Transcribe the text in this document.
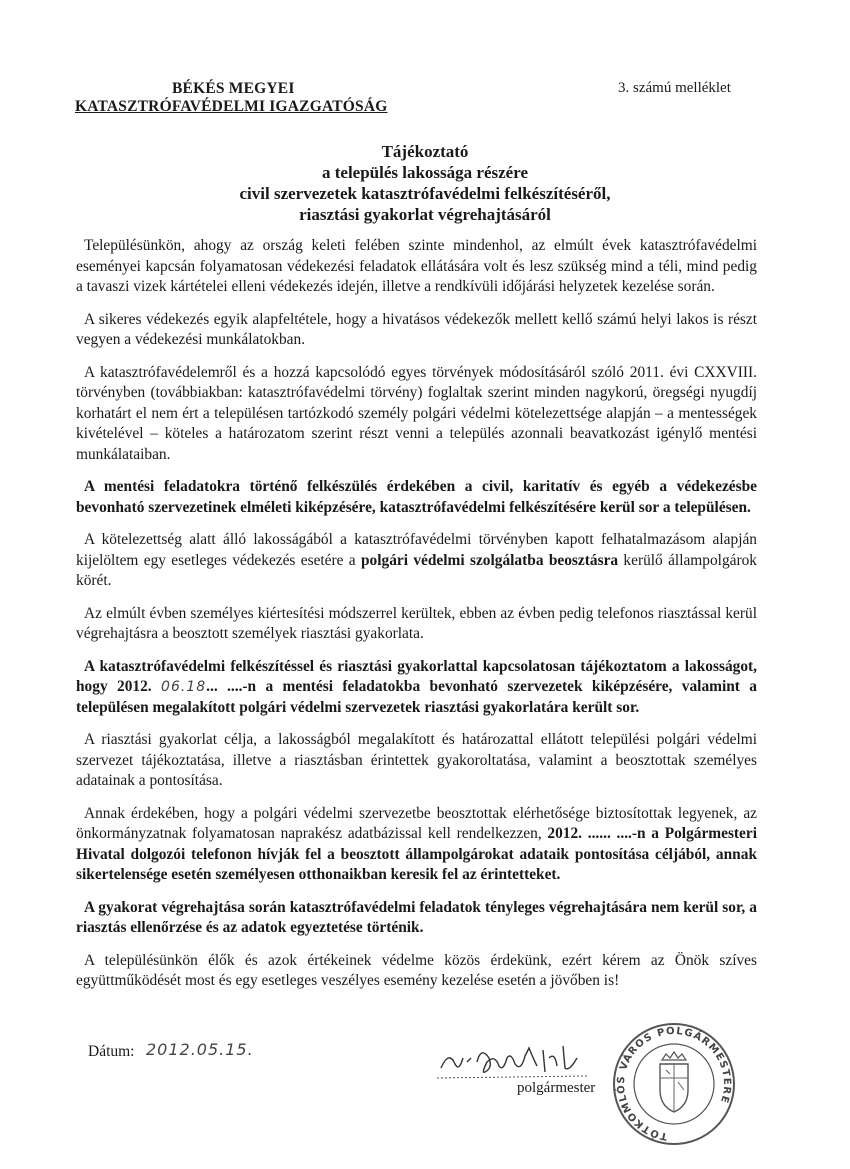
BÉKÉS MEGYEI
KATASZTRÓFAVÉDELMI IGAZGATÓSÁG
3. számú melléklet
Tájékoztató
a település lakossága részére
civil szervezetek katasztrófavédelmi felkészítéséről,
riasztási gyakorlat végrehajtásáról

Településünkön, ahogy az ország keleti felében szinte mindenhol, az elmúlt évek katasztrófavédelmi eseményei kapcsán folyamatosan védekezési feladatok ellátására volt és lesz szükség mind a téli, mind pedig a tavaszi vizek kártételei elleni védekezés idején, illetve a rendkívüli időjárási helyzetek kezelése során.

A sikeres védekezés egyik alapfeltétele, hogy a hivatásos védekezők mellett kellő számú helyi lakos is részt vegyen a védekezési munkálatokban.

A katasztrófavédelemről és a hozzá kapcsolódó egyes törvények módosításáról szóló 2011. évi CXXVIII. törvényben (továbbiakban: katasztrófavédelmi törvény) foglaltak szerint minden nagykorú, öregségi nyugdíj korhatárt el nem ért a településen tartózkodó személy polgári védelmi kötelezettsége alapján – a mentességek kivételével – köteles a határozatom szerint részt venni a település azonnali beavatkozást igénylő mentési munkálataiban.

A mentési feladatokra történő felkészülés érdekében a civil, karitatív és egyéb a védekezésbe bevonható szervezetinek elméleti kiképzésére, katasztrófavédelmi felkészítésére kerül sor a településen.

A kötelezettség alatt álló lakosságából a katasztrófavédelmi törvényben kapott felhatalmazásom alapján kijelöltem egy esetleges védekezés esetére a polgári védelmi szolgálatba beosztásra kerülő állampolgárok körét.

Az elmúlt évben személyes kiértesítési módszerrel kerültek, ebben az évben pedig telefonos riasztással kerül végrehajtásra a beosztott személyek riasztási gyakorlata.

A katasztrófavédelmi felkészítéssel és riasztási gyakorlattal kapcsolatosan tájékoztatom a lakosságot, hogy 2012. 06.18... ....-n a mentési feladatokba bevonható szervezetek kiképzésére, valamint a településen megalakított polgári védelmi szervezetek riasztási gyakorlatára került sor.

A riasztási gyakorlat célja, a lakosságból megalakított és határozattal ellátott települési polgári védelmi szervezet tájékoztatása, illetve a riasztásban érintettek gyakoroltatása, valamint a beosztottak személyes adatainak a pontosítása.

Annak érdekében, hogy a polgári védelmi szervezetbe beosztottak elérhetősége biztosítottak legyenek, az önkormányzatnak folyamatosan naprakész adatbázissal kell rendelkezzen, 2012. ...... ....-n a Polgármesteri Hivatal dolgozói telefonon hívják fel a beosztott állampolgárokat adataik pontosítása céljából, annak sikertelensége esetén személyesen otthonaikban keresik fel az érintetteket.

A gyakorat végrehajtása során katasztrófavédelmi feladatok tényleges végrehajtására nem kerül sor, a riasztás ellenőrzése és az adatok egyeztetése történik.

A településünkön élők és azok értékeinek védelme közös érdekünk, ezért kérem az Önök szíves együttműködését most és egy esetleges veszélyes esemény kezelése esetén a jövőben is!

Dátum: 2012.05.15.
polgármester
TÓTKOMLÓS VÁROS POLGÁRMESTERE
